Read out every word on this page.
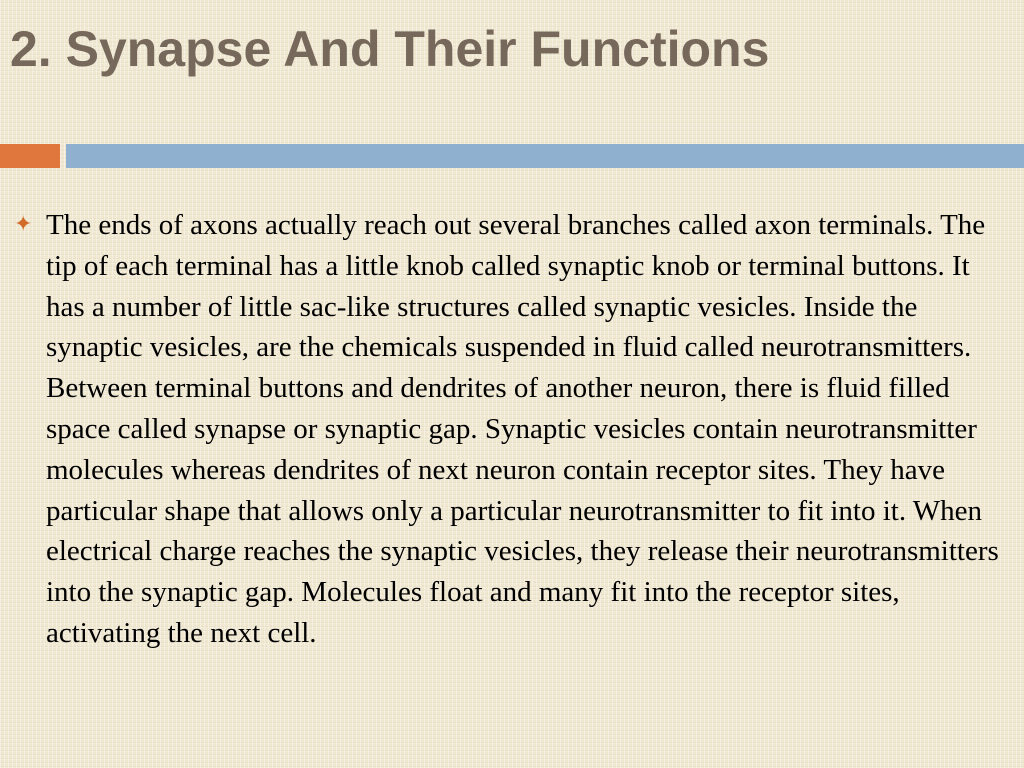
2. Synapse And Their Functions
✦ The ends of axons actually reach out several branches called axon terminals. The tip of each terminal has a little knob called synaptic knob or terminal buttons. It has a number of little sac-like structures called synaptic vesicles. Inside the synaptic vesicles, are the chemicals suspended in fluid called neurotransmitters. Between terminal buttons and dendrites of another neuron, there is fluid filled space called synapse or synaptic gap. Synaptic vesicles contain neurotransmitter molecules whereas dendrites of next neuron contain receptor sites. They have particular shape that allows only a particular neurotransmitter to fit into it. When electrical charge reaches the synaptic vesicles, they release their neurotransmitters into the synaptic gap. Molecules float and many fit into the receptor sites, activating the next cell.
